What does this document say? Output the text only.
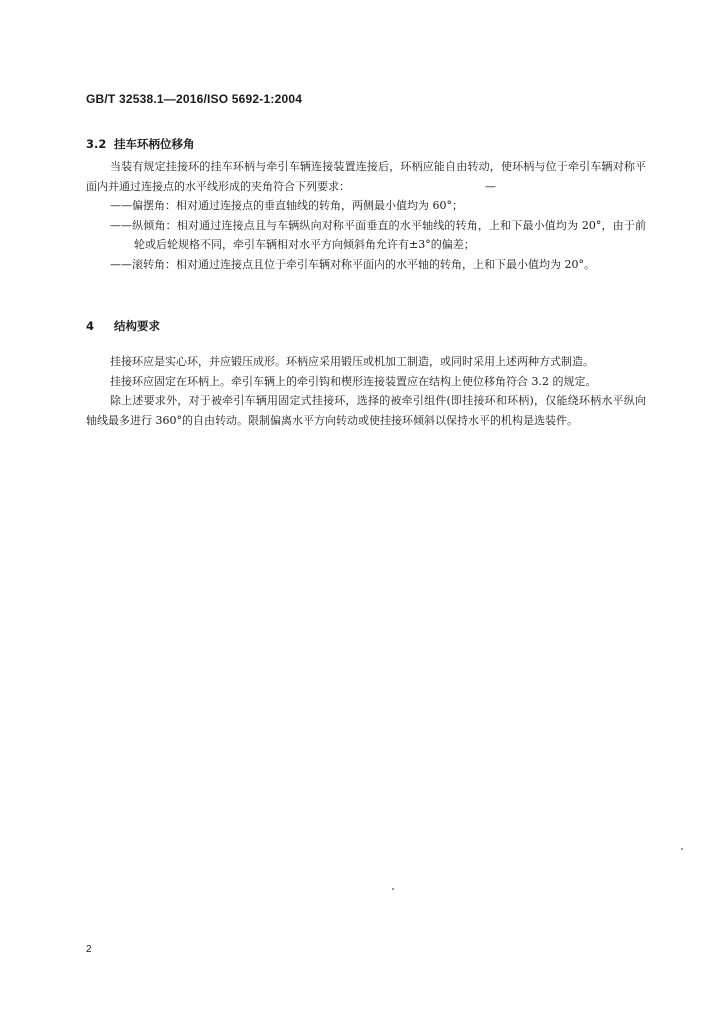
GB/T 32538.1—2016/ISO 5692-1:2004
3.2 挂车环柄位移角

当装有规定挂接环的挂车环柄与牵引车辆连接装置连接后，环柄应能自由转动，使环柄与位于牵引车辆对称平面内并通过连接点的水平线形成的夹角符合下列要求：

——偏摆角：相对通过连接点的垂直轴线的转角，两侧最小值均为 60°；

——纵倾角：相对通过连接点且与车辆纵向对称平面垂直的水平轴线的转角，上和下最小值均为 20°，由于前轮或后轮规格不同，牵引车辆相对水平方向倾斜角允许有±3°的偏差；

——滚转角：相对通过连接点且位于牵引车辆对称平面内的水平轴的转角，上和下最小值均为 20°。

—
4 结构要求

挂接环应是实心环，并应锻压成形。环柄应采用锻压或机加工制造，或同时采用上述两种方式制造。

挂接环应固定在环柄上。牵引车辆上的牵引钩和楔形连接装置应在结构上使位移角符合 3.2 的规定。

除上述要求外，对于被牵引车辆用固定式挂接环，选择的被牵引组件(即挂接环和环柄)，仅能绕环柄水平纵向轴线最多进行 360°的自由转动。限制偏离水平方向转动或使挂接环倾斜以保持水平的机构是选装件。

2
